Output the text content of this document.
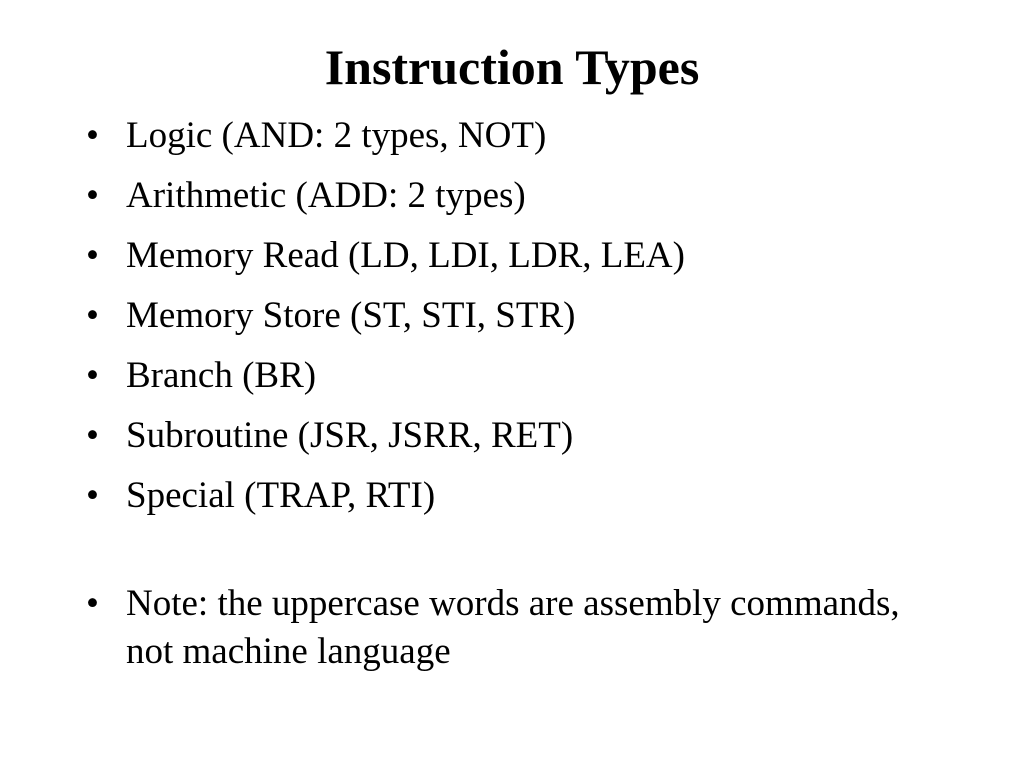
Instruction Types
• Logic (AND: 2 types, NOT)
• Arithmetic (ADD: 2 types)
• Memory Read (LD, LDI, LDR, LEA)
• Memory Store (ST, STI, STR)
• Branch (BR)
• Subroutine (JSR, JSRR, RET)
• Special (TRAP, RTI)
• Note: the uppercase words are assembly commands, not machine language
